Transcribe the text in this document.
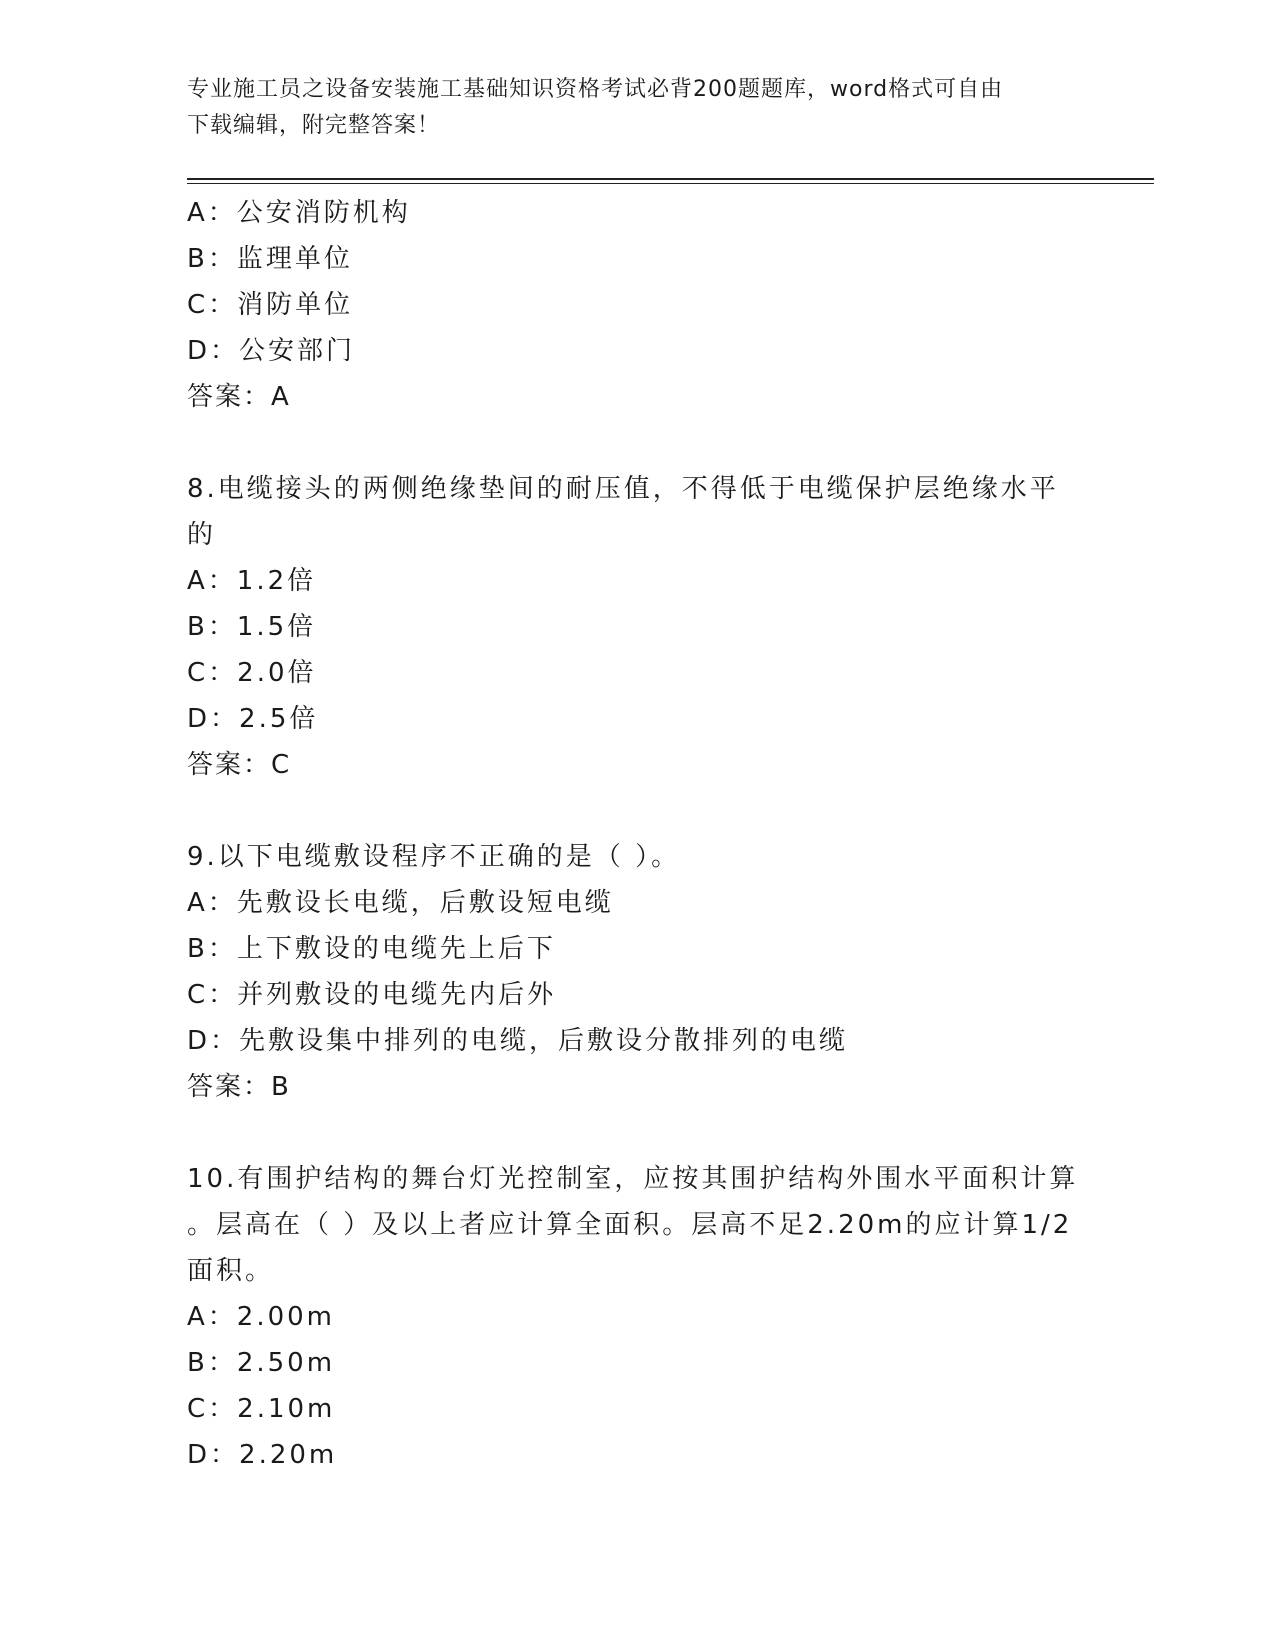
专业施工员之设备安装施工基础知识资格考试必背200题题库，word格式可自由
下载编辑，附完整答案！
A：公安消防机构
B：监理单位
C：消防单位
D：公安部门
答案：A
8.电缆接头的两侧绝缘垫间的耐压值，不得低于电缆保护层绝缘水平
的
A：1.2倍
B：1.5倍
C：2.0倍
D：2.5倍
答案：C
9.以下电缆敷设程序不正确的是（ ）。
A：先敷设长电缆，后敷设短电缆
B：上下敷设的电缆先上后下
C：并列敷设的电缆先内后外
D：先敷设集中排列的电缆，后敷设分散排列的电缆
答案：B
10.有围护结构的舞台灯光控制室，应按其围护结构外围水平面积计算
。层高在（ ）及以上者应计算全面积。层高不足2.20m的应计算1/2
面积。
A：2.00m
B：2.50m
C：2.10m
D：2.20m
